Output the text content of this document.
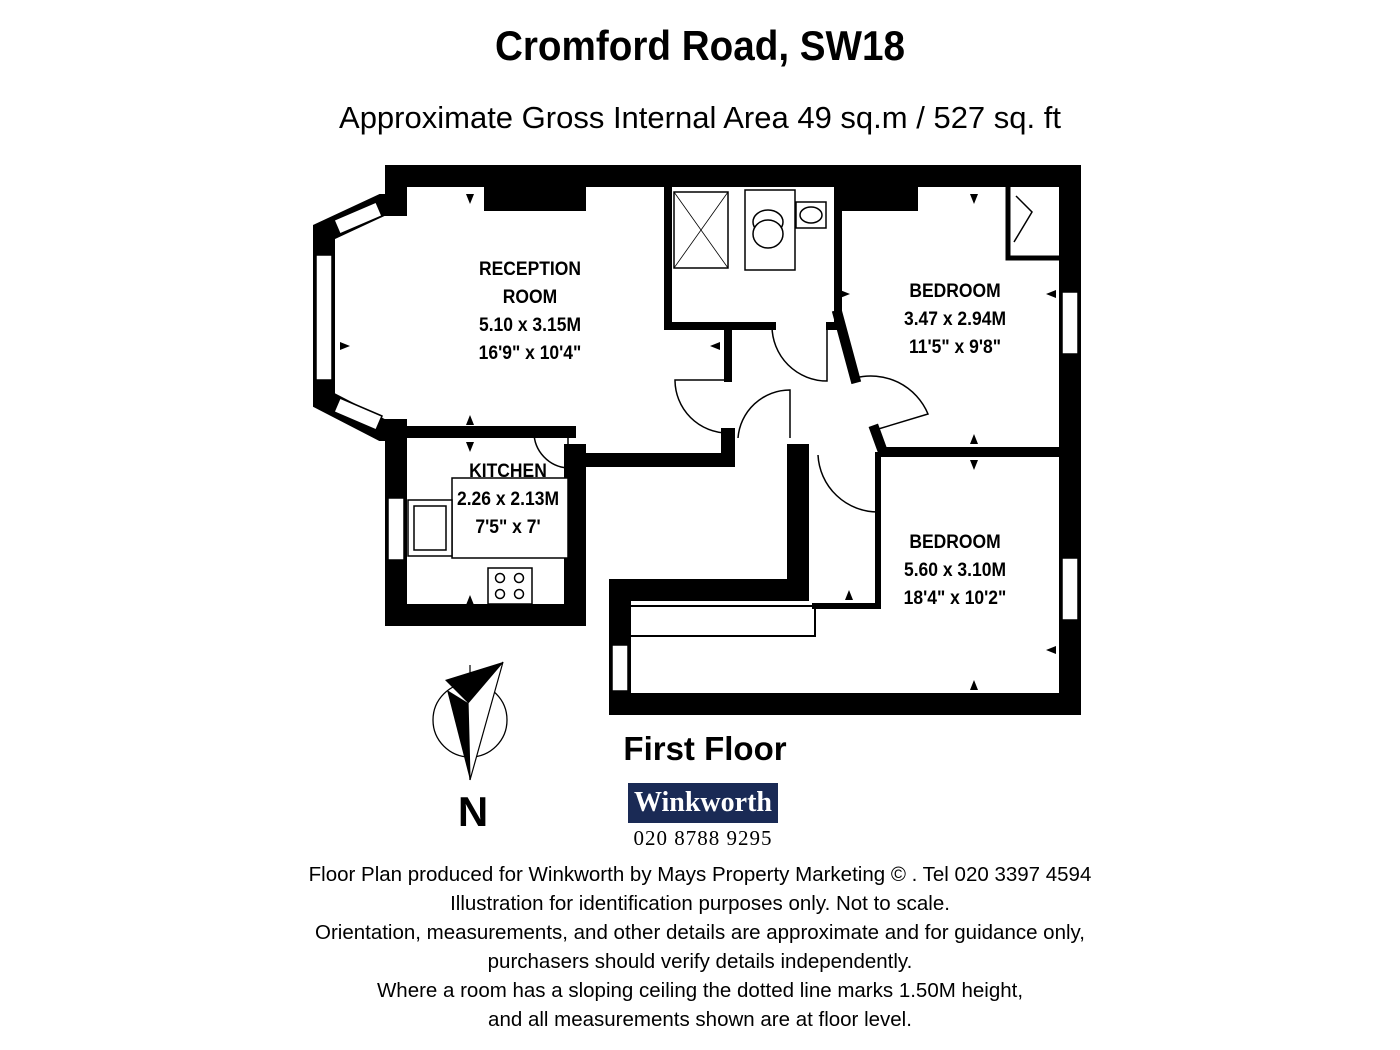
Cromford Road, SW18
Approximate Gross Internal Area 49 sq.m / 527 sq. ft
RECEPTION
ROOM
5.10 x 3.15M
16'9" x 10'4"
BEDROOM
3.47 x 2.94M
11'5" x 9'8"
KITCHEN
2.26 x 2.13M
7'5" x 7'
BEDROOM
5.60 x 3.10M
18'4" x 10'2"
First Floor
N	Winkworth
020 8788 9295
Floor Plan produced for Winkworth by Mays Property Marketing © . Tel 020 3397 4594
Illustration for identification purposes only. Not to scale.
Orientation, measurements, and other details are approximate and for guidance only,
purchasers should verify details independently.
Where a room has a sloping ceiling the dotted line marks 1.50M height,
and all measurements shown are at floor level.
